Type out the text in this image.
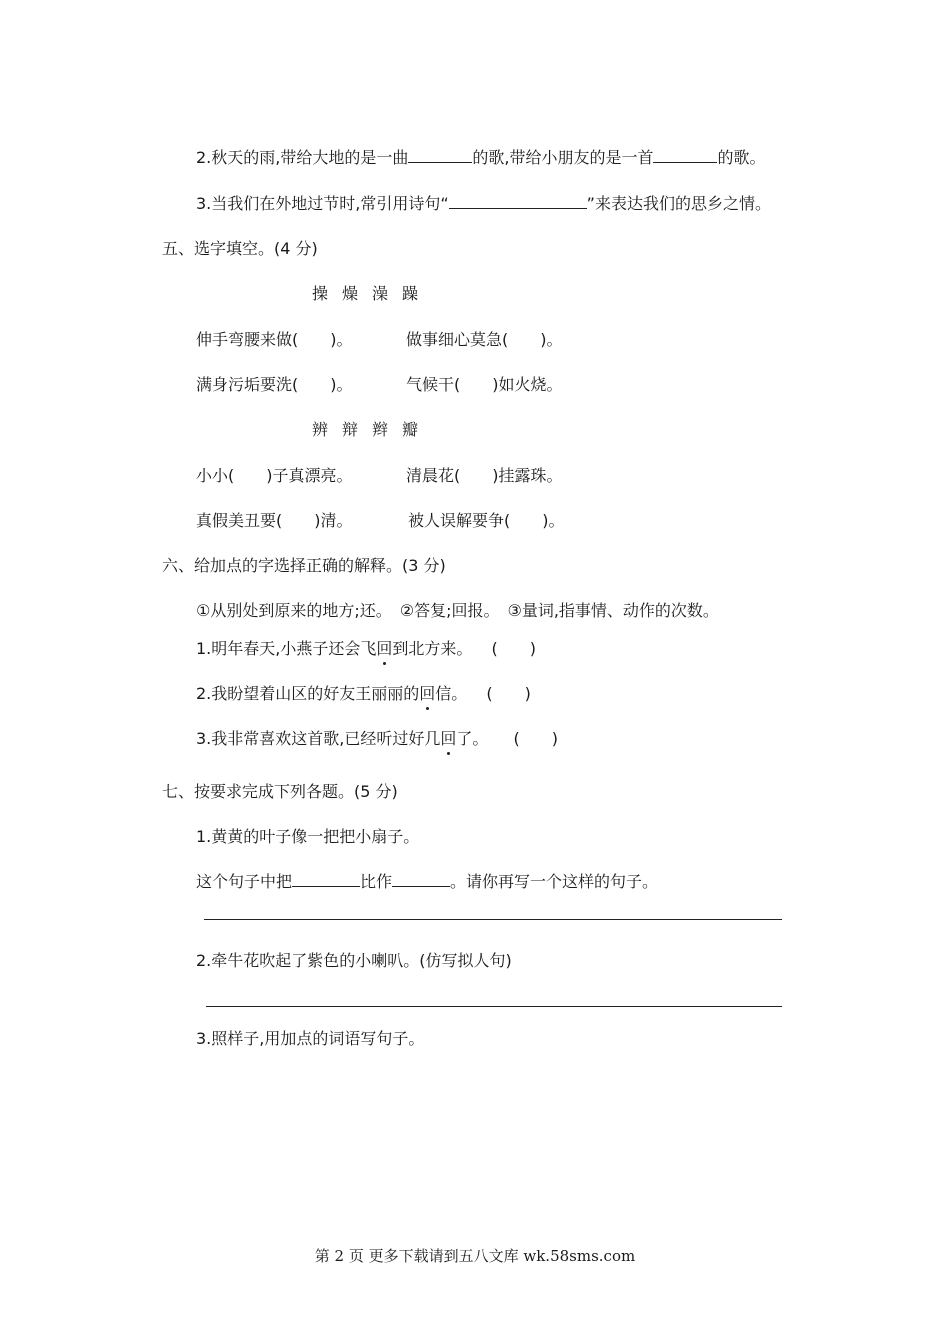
2.秋天的雨,带给大地的是一曲	的歌,带给小朋友的是一首	的歌。
3.当我们在外地过节时,常引用诗句“	”来表达我们的思乡之情。
五、选字填空。(4 分)
操 燥 澡 躁
伸手弯腰来做(　　)。	做事细心莫急(　　)。
满身污垢要洗(　　)。	气候干(　　)如火烧。
辨 辩 辫 瓣
小小(　　)子真漂亮。	清晨花(　　)挂露珠。
真假美丑要(　　)清。	被人误解要争(　　)。
六、给加点的字选择正确的解释。(3 分)
①从别处到原来的地方;还。　②答复;回报。　③量词,指事情、动作的次数。
1.明年春天,小燕子还会飞回到北方来。 (　　)
2.我盼望着山区的好友王丽丽的回信。 (　　)
3.我非常喜欢这首歌,已经听过好几回了。 (　　)
七、按要求完成下列各题。(5 分)
1.黄黄的叶子像一把把小扇子。
这个句子中把	比作	。请你再写一个这样的句子。
2.牵牛花吹起了紫色的小喇叭。(仿写拟人句)
3.照样子,用加点的词语写句子。
第 2 页 更多下载请到五八文库 wk.58sms.com
